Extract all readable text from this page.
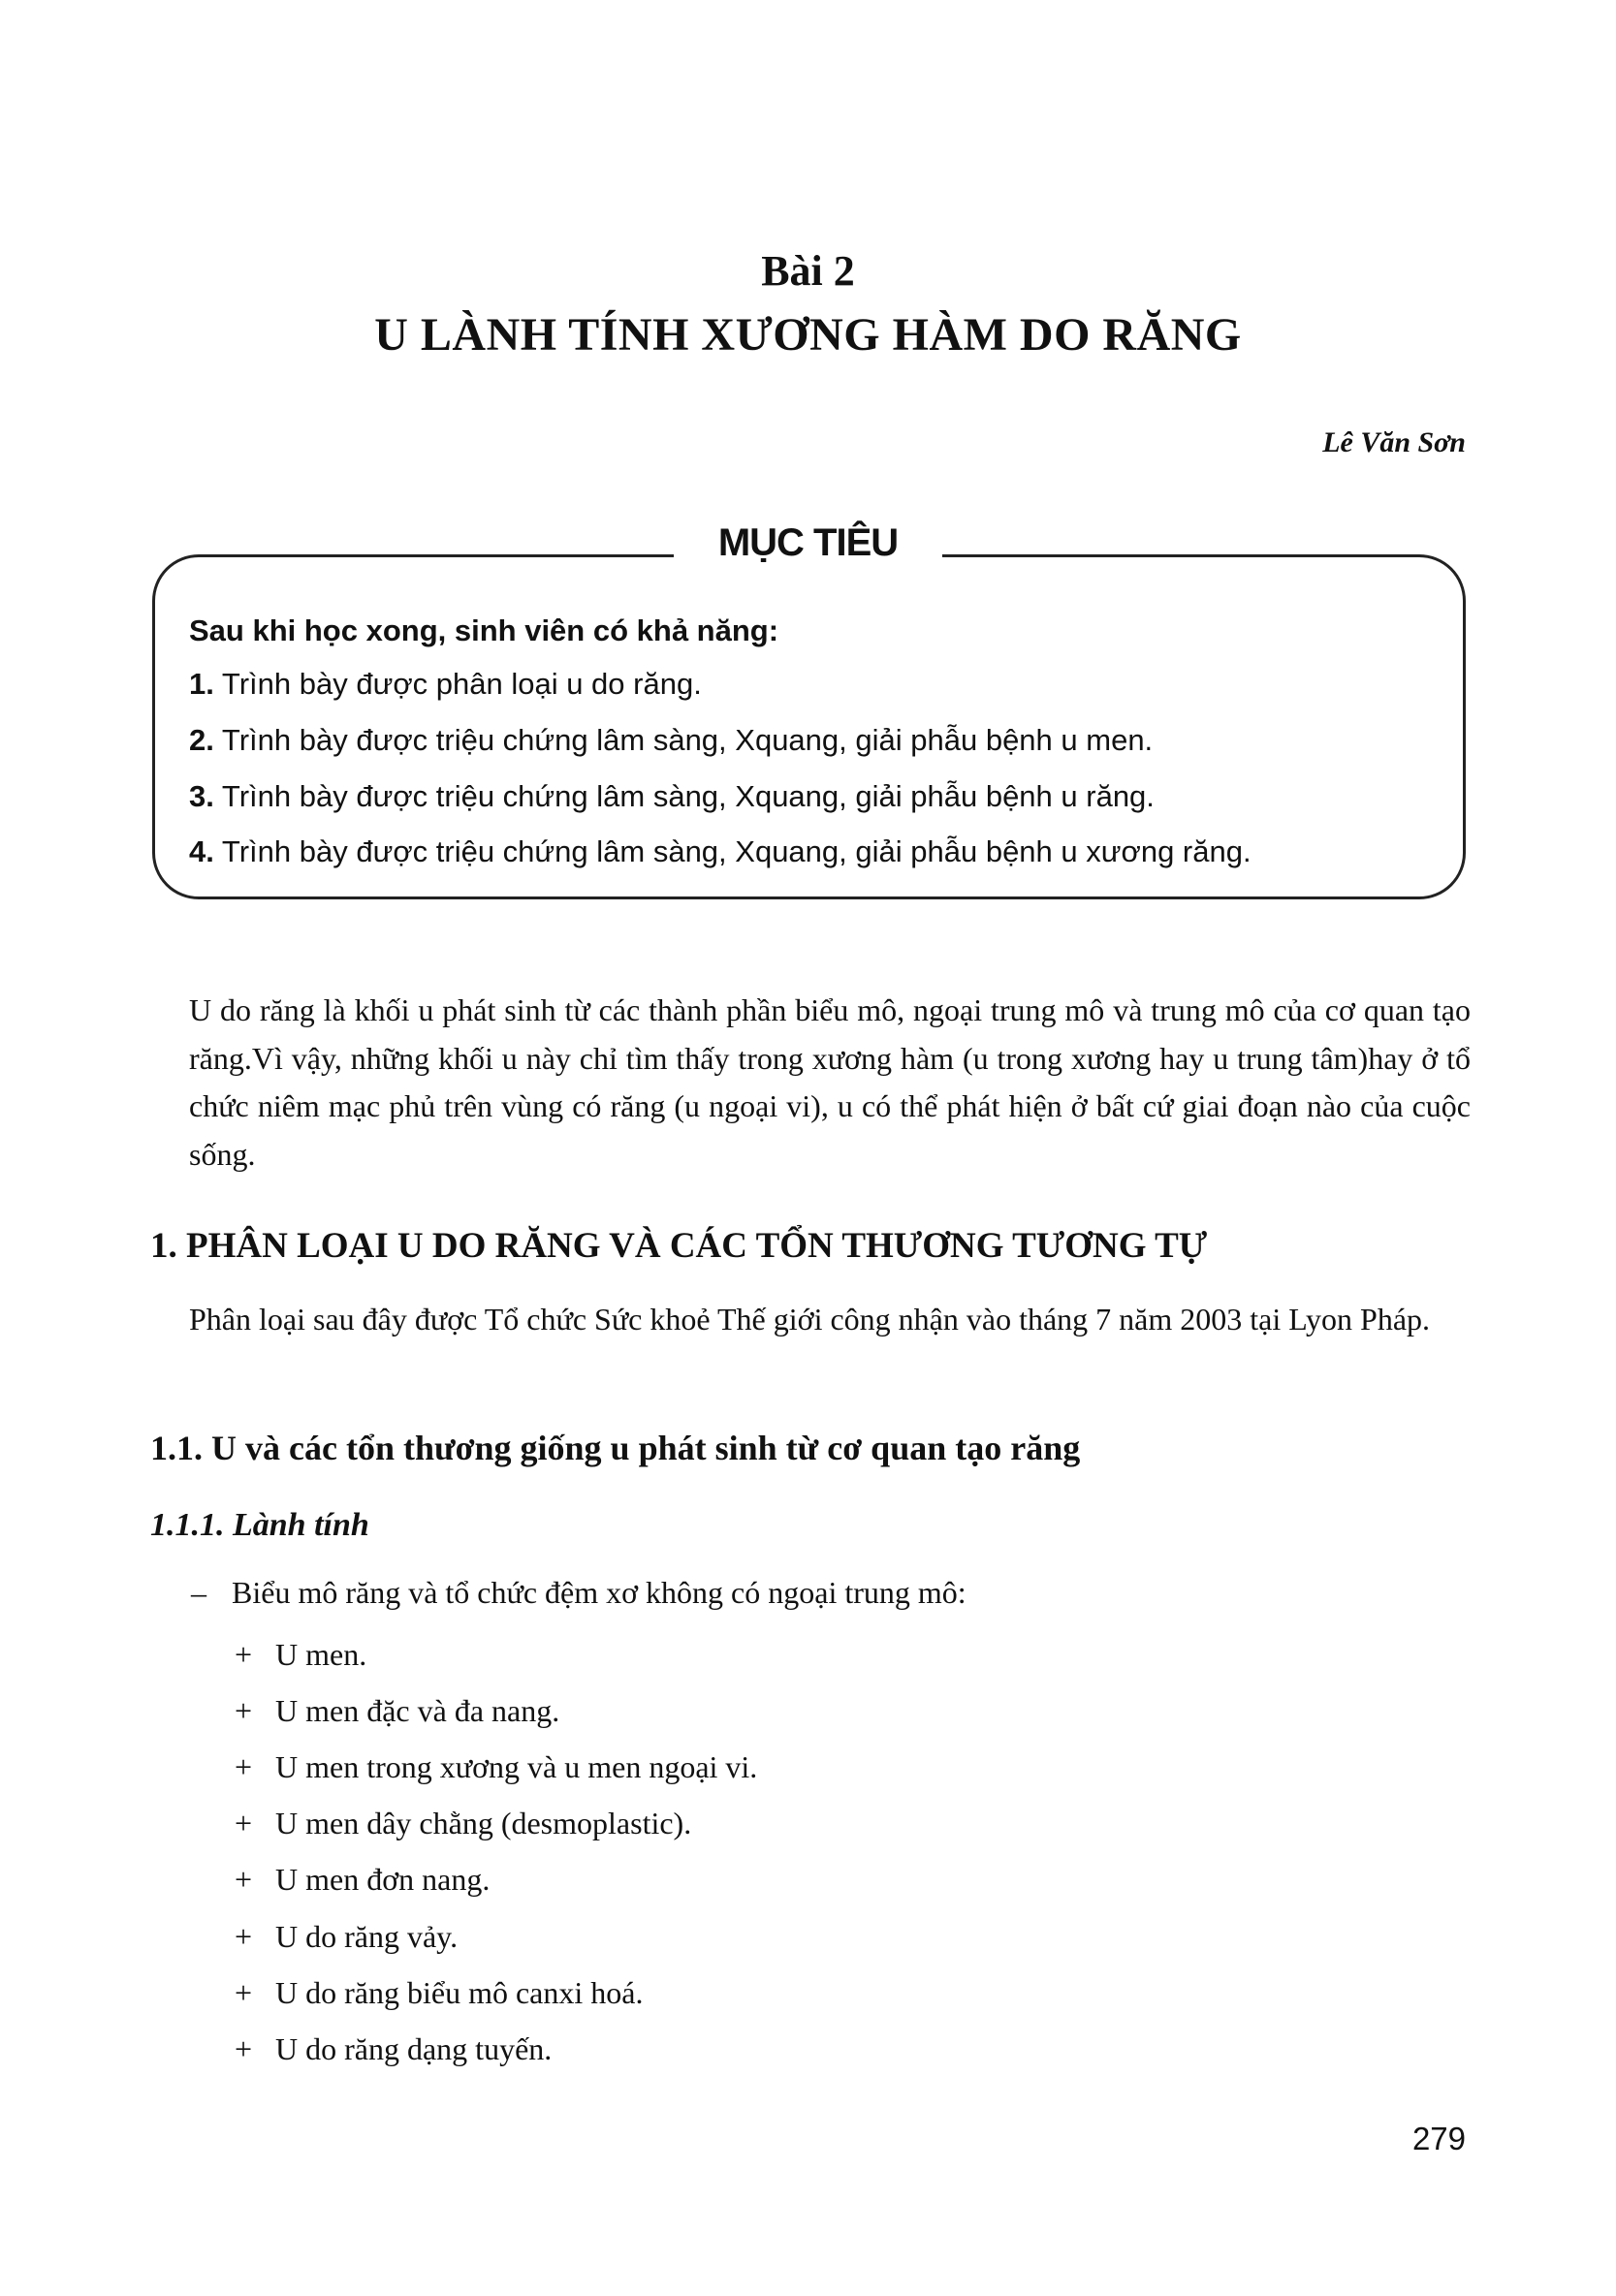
Bài 2
U LÀNH TÍNH XƯƠNG HÀM DO RĂNG
Lê Văn Sơn
MỤC TIÊU
Sau khi học xong, sinh viên có khả năng:
1. Trình bày được phân loại u do răng.
2. Trình bày được triệu chứng lâm sàng, Xquang, giải phẫu bệnh u men.
3. Trình bày được triệu chứng lâm sàng, Xquang, giải phẫu bệnh u răng.
4. Trình bày được triệu chứng lâm sàng, Xquang, giải phẫu bệnh u xương răng.

U do răng là khối u phát sinh từ các thành phần biểu mô, ngoại trung mô và trung mô của cơ quan tạo răng.Vì vậy, những khối u này chỉ tìm thấy trong xương hàm (u trong xương hay u trung tâm)hay ở tổ chức niêm mạc phủ trên vùng có răng (u ngoại vi), u có thể phát hiện ở bất cứ giai đoạn nào của cuộc sống.

1. PHÂN LOẠI U DO RĂNG VÀ CÁC TỔN THƯƠNG TƯƠNG TỰ

Phân loại sau đây được Tổ chức Sức khoẻ Thế giới công nhận vào tháng 7 năm 2003 tại Lyon Pháp.

1.1. U và các tổn thương giống u phát sinh từ cơ quan tạo răng
1.1.1. Lành tính
– Biểu mô răng và tổ chức đệm xơ không có ngoại trung mô:
+ U men.
+ U men đặc và đa nang.
+ U men trong xương và u men ngoại vi.
+ U men dây chằng (desmoplastic).
+ U men đơn nang.
+ U do răng vảy.
+ U do răng biểu mô canxi hoá.
+ U do răng dạng tuyến.
279
